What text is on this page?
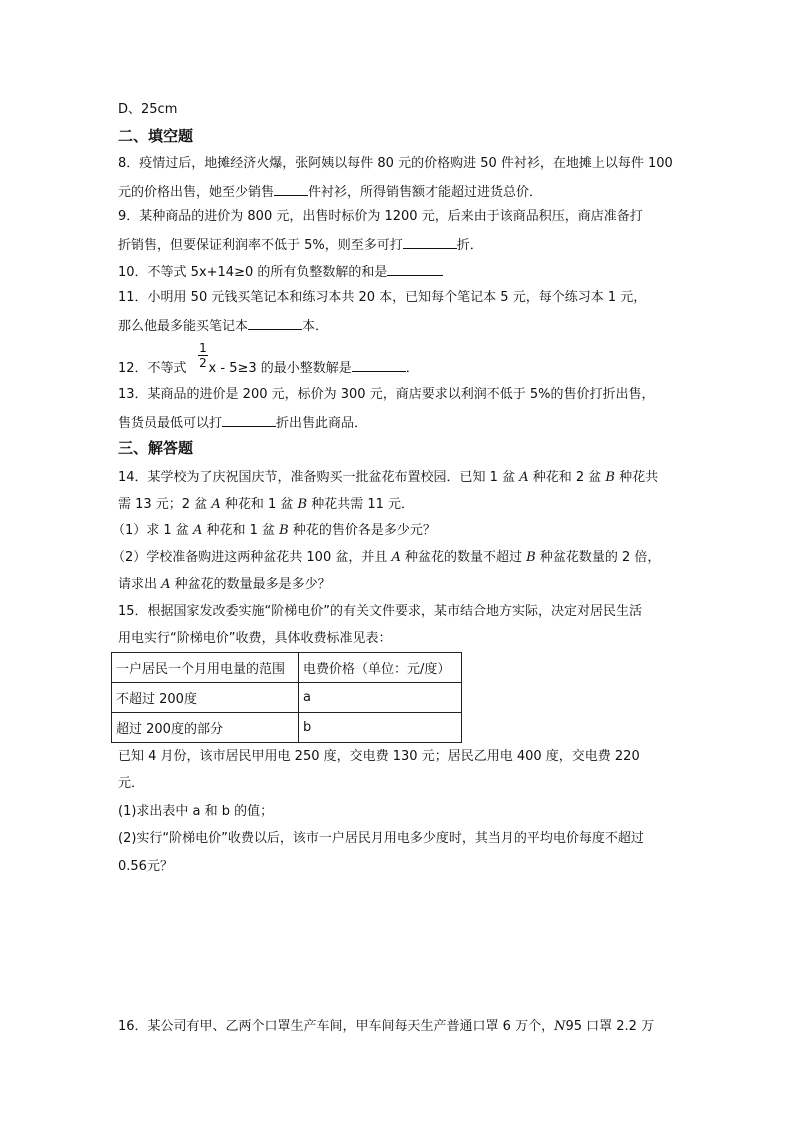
D、25cm
二、填空题
8．疫情过后，地摊经济火爆，张阿姨以每件 80 元的价格购进 50 件衬衫，在地摊上以每件 100
元的价格出售，她至少销售	件衬衫，所得销售额才能超过进货总价．
9．某种商品的进价为 800 元，出售时标价为 1200 元，后来由于该商品积压，商店准备打
折销售，但要保证利润率不低于 5%，则至多可打	折．
10．不等式 5x+14≥0 的所有负整数解的和是
11．小明用 50 元钱买笔记本和练习本共 20 本，已知每个笔记本 5 元，每个练习本 1 元，
那么他最多能买笔记本	本．
1
2
12．不等式 x - 5≥3 的最小整数解是	．
13．某商品的进价是 200 元，标价为 300 元，商店要求以利润不低于 5%的售价打折出售，
售货员最低可以打	折出售此商品．
三、解答题
14．某学校为了庆祝国庆节，准备购买一批盆花布置校园．已知 1 盆 A 种花和 2 盆 B 种花共
需 13 元；2 盆 A 种花和 1 盆 B 种花共需 11 元．
（1）求 1 盆 A 种花和 1 盆 B 种花的售价各是多少元？
（2）学校准备购进这两种盆花共 100 盆，并且 A 种盆花的数量不超过 B 种盆花数量的 2 倍，
请求出 A 种盆花的数量最多是多少？
15．根据国家发改委实施“阶梯电价”的有关文件要求，某市结合地方实际，决定对居民生活
用电实行“阶梯电价”收费，具体收费标准见表：
一户居民一个月用电量的范围	电费价格（单位：元/度）
不超过 200度	a
超过 200度的部分	b
已知 4 月份，该市居民甲用电 250 度，交电费 130 元；居民乙用电 400 度，交电费 220
元．
(1)求出表中 a 和 b 的值；
(2)实行“阶梯电价”收费以后，该市一户居民月用电多少度时，其当月的平均电价每度不超过
0.56元？
16．某公司有甲、乙两个口罩生产车间，甲车间每天生产普通口罩 6 万个，N95 口罩 2.2 万
